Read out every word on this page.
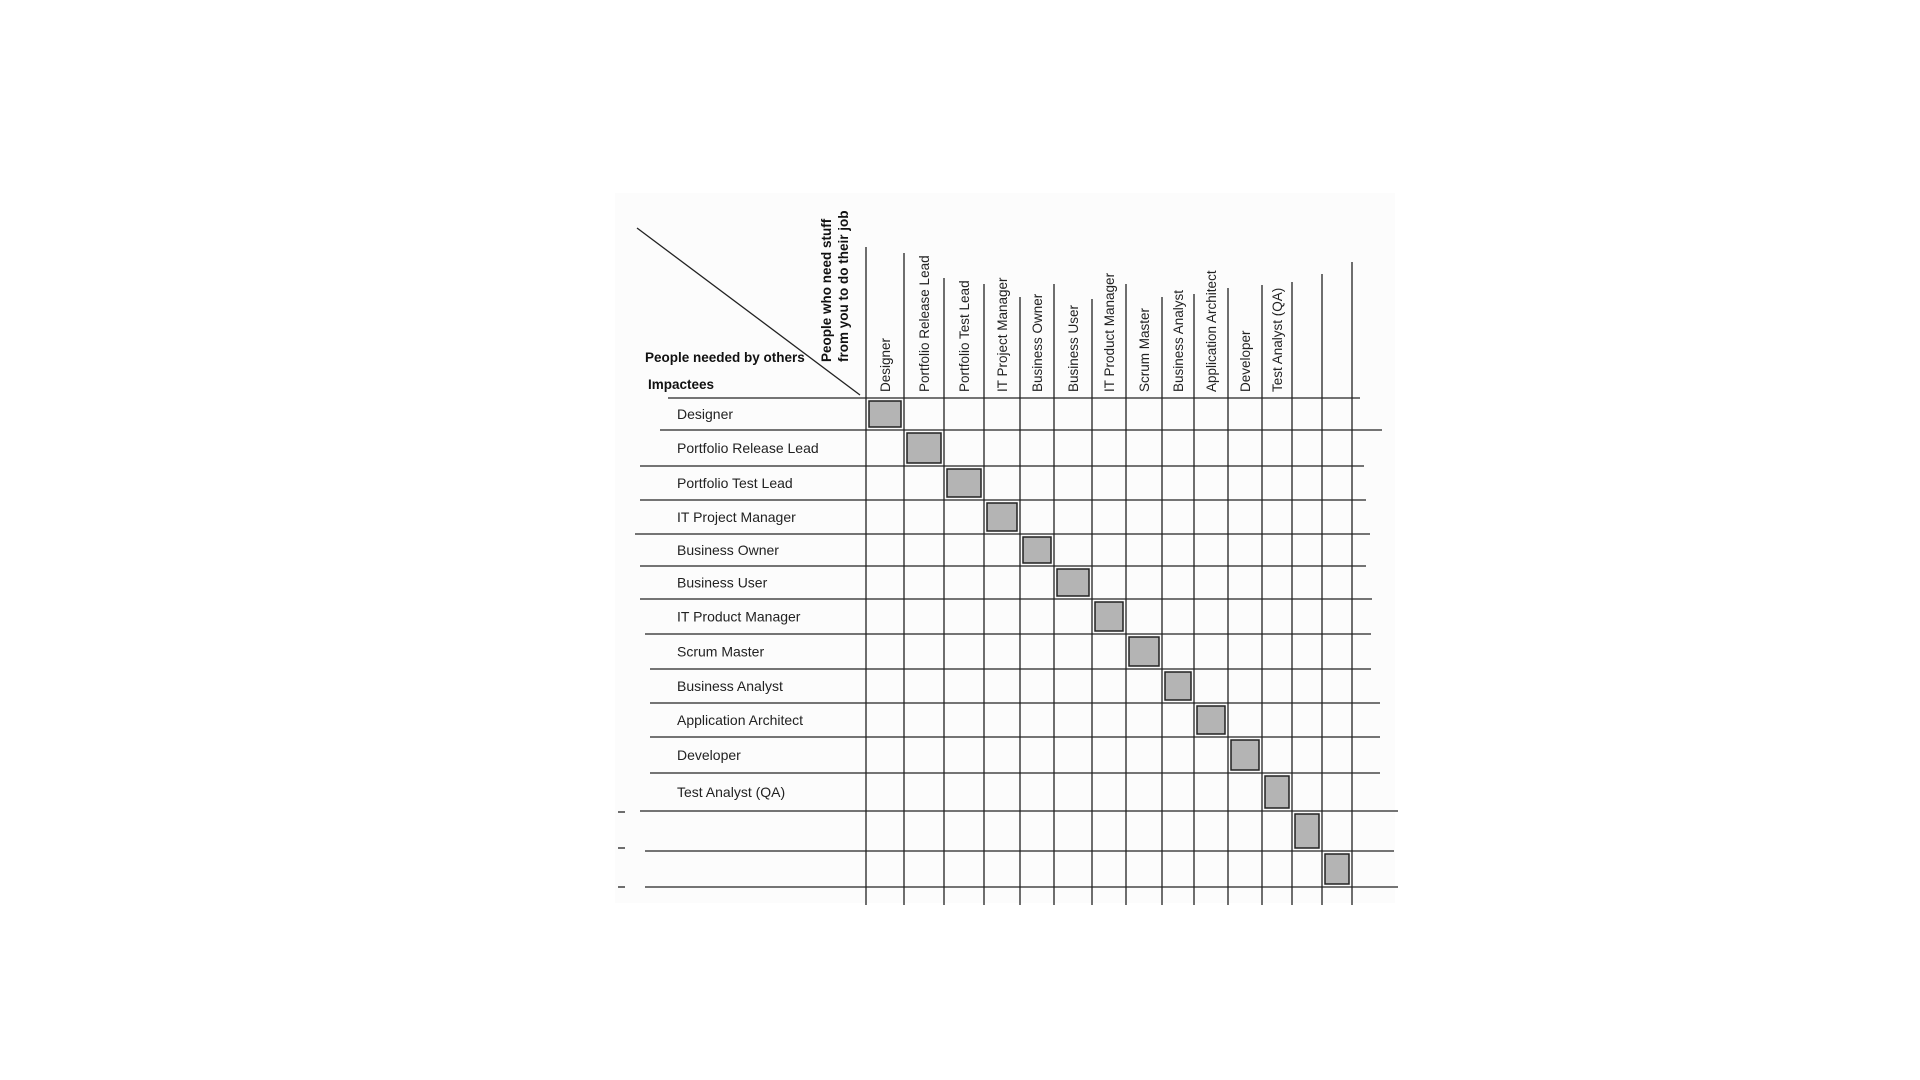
People who need stuff from you to do their job
People needed by others
Impactees	Designer Portfolio Release Lead Portfolio Test Lead IT Project Manager Business Owner Business User IT Product Manager Scrum Master Business Analyst Application Architect Developer Test Analyst (QA)
Designer
Portfolio Release Lead
Portfolio Test Lead
IT Project Manager
Business Owner
Business User
IT Product Manager
Scrum Master
Business Analyst
Application Architect
Developer
Test Analyst (QA)
